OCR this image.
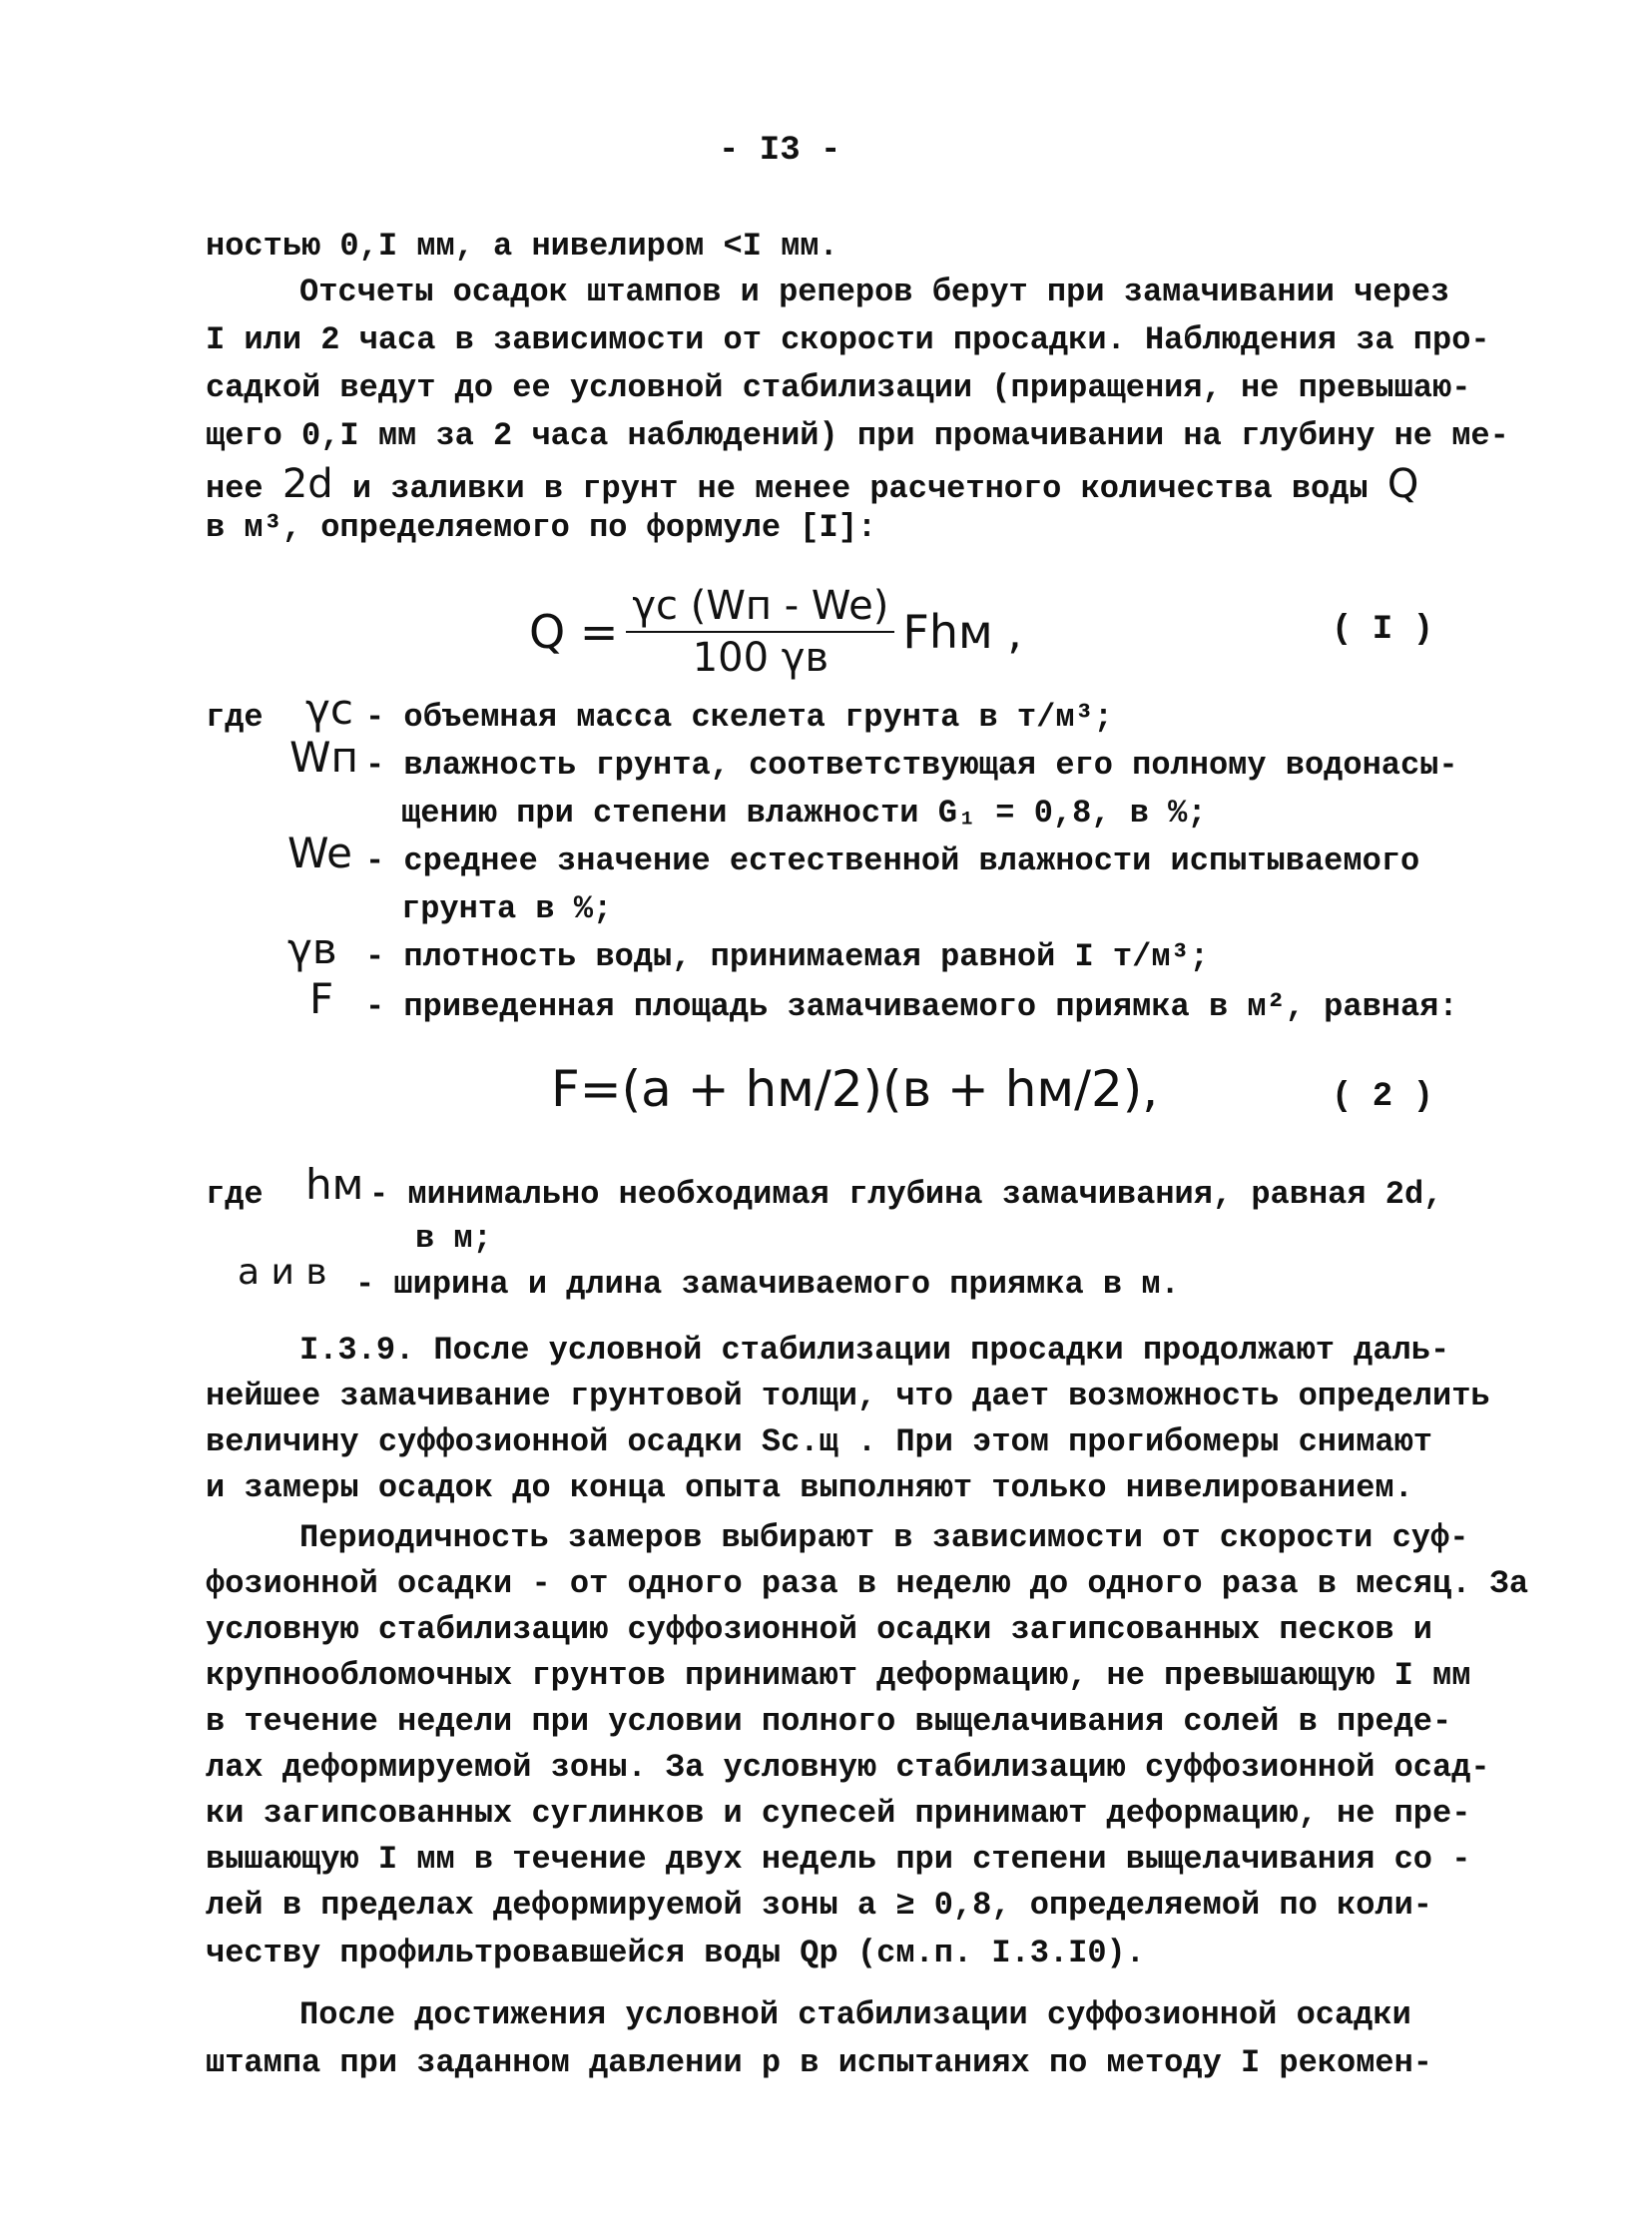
- I3 -
ностью 0,I мм, а нивелиром <I мм.
Отсчеты осадок штампов и реперов берут при замачивании через
I или 2 часа в зависимости от скорости просадки. Наблюдения за про-
садкой ведут до ее условной стабилизации (приращения, не превышаю-
щего 0,I мм за 2 часа наблюдений) при промачивании на глубину не ме-
нее 2d и заливки в грунт не менее расчетного количества воды Q
в м³, определяемого по формуле [I]:
$Q = \frac{\gamma c (Wп - We)}{100 \gamma в}$ Fhм ,	( I )
где γc - объемная масса скелета грунта в т/м³;
Wп - влажность грунта, соответствующая его полному водонасы-
щению при степени влажности G₁ = 0,8, в %;
We - среднее значение естественной влажности испытываемого
грунта в %;
γв - плотность воды, принимаемая равной I т/м³;
F - приведенная площадь замачиваемого приямка в м², равная:
F=(a + hм/2)(в + hм/2),	( 2 )
где hм - минимально необходимая глубина замачивания, равная 2d,
в м;
a и в - ширина и длина замачиваемого приямка в м.
I.3.9. После условной стабилизации просадки продолжают даль-
нейшее замачивание грунтовой толщи, что дает возможность определить
величину суффозионной осадки Sс.щ . При этом прогибомеры снимают
и замеры осадок до конца опыта выполняют только нивелированием.
Периодичность замеров выбирают в зависимости от скорости суф-
фозионной осадки - от одного раза в неделю до одного раза в месяц. За
условную стабилизацию суффозионной осадки загипсованных песков и
крупнообломочных грунтов принимают деформацию, не превышающую I мм
в течение недели при условии полного выщелачивания солей в преде-
лах деформируемой зоны. За условную стабилизацию суффозионной осад-
ки загипсованных суглинков и супесей принимают деформацию, не пре-
вышающую I мм в течение двух недель при степени выщелачивания со -
лей в пределах деформируемой зоны a ≥ 0,8, определяемой по коли-
честву профильтровавшейся воды Qр (см.п. I.3.I0).
После достижения условной стабилизации суффозионной осадки
штампа при заданном давлении p в испытаниях по методу I рекомен-
